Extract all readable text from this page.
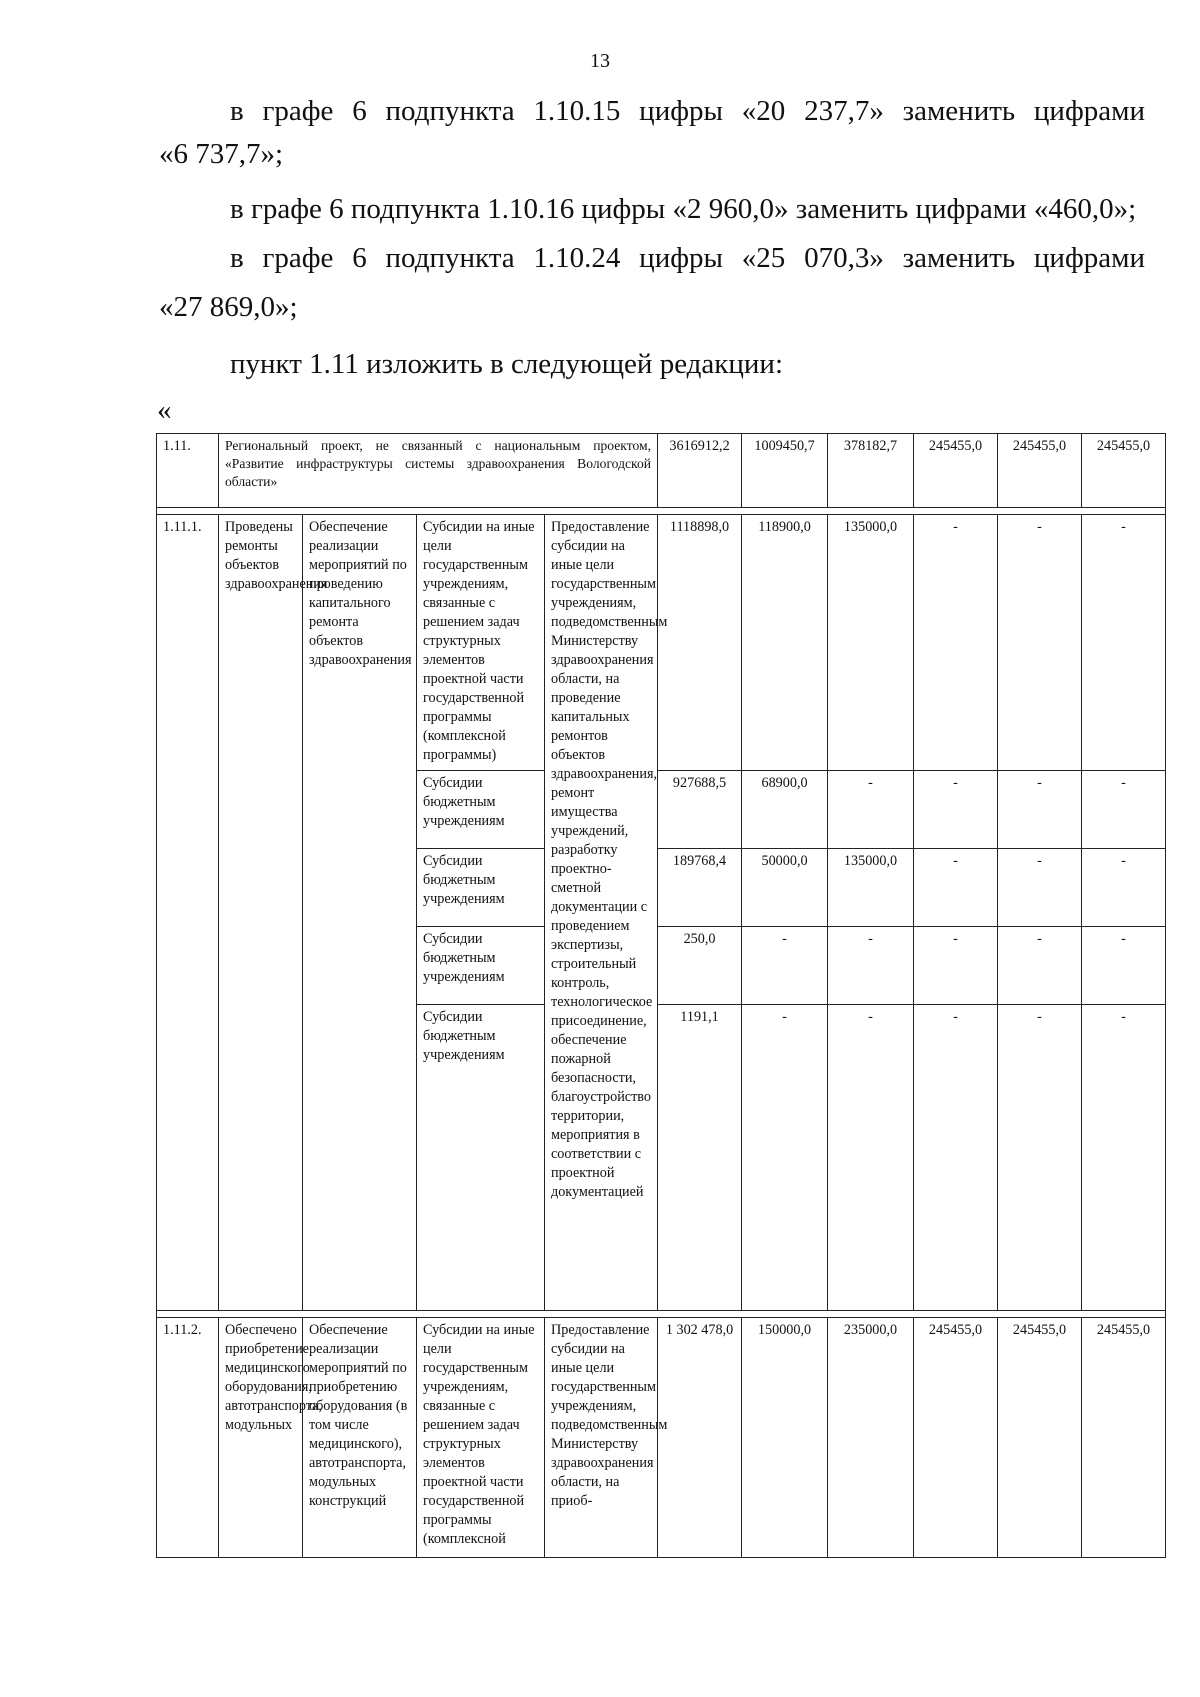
13
в графе 6 подпункта 1.10.15 цифры «20 237,7» заменить цифрами
«6 737,7»;
в графе 6 подпункта 1.10.16 цифры «2 960,0» заменить цифрами «460,0»;
в графе 6 подпункта 1.10.24 цифры «25 070,3» заменить цифрами
«27 869,0»;
пункт 1.11 изложить в следующей редакции:
«
1.11.	Региональный проект, не связанный с национальным проектом, «Развитие инфраструктуры системы здравоохранения Вологодской области»				3616912,2	1009450,7	378182,7	245455,0	245455,0	245455,0

1.11.1.	Проведены ремонты объектов здравоохранения	Обеспечение реализации мероприятий по проведению капитального ремонта объектов здравоохранения	Субсидии на иные цели государственным учреждениям, связанные с решением задач структурных элементов проектной части государственной программы (комплексной программы)	Предоставление субсидии на иные цели государственным учреждениям, подведомственным Министерству здравоохранения области, на проведение капитальных ремонтов объектов здравоохранения, ремонт имущества учреждений, разработку проектно-сметной документации с проведением экспертизы, строительный контроль, технологическое присоединение, обеспечение пожарной безопасности, благоустройство территории, мероприятия в соответствии с проектной документацией	1118898,0	118900,0	135000,0	-	-	-
			Субсидии бюджетным учреждениям		927688,5	68900,0	-	-	-	-
			Субсидии бюджетным учреждениям		189768,4	50000,0	135000,0	-	-	-
			Субсидии бюджетным учреждениям		250,0	-	-	-	-	-
			Субсидии бюджетным учреждениям		1191,1	-	-	-	-	-

1.11.2.	Обеспечено приобретение медицинского оборудования, автотранспорта, модульных	Обеспечение реализации мероприятий по приобретению оборудования (в том числе медицинского), автотранспорта, модульных конструкций	Субсидии на иные цели государственным учреждениям, связанные с решением задач структурных элементов проектной части государственной программы (комплексной	Предоставление субсидии на иные цели государственным учреждениям, подведомственным Министерству здравоохранения области, на приоб-	1 302 478,0	150000,0	235000,0	245455,0	245455,0	245455,0
